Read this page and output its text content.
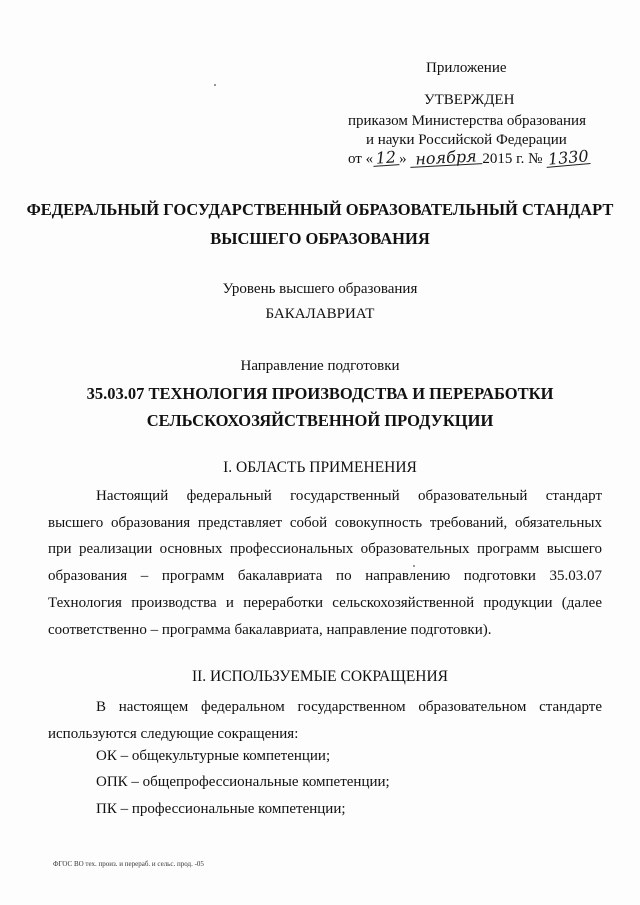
Приложение
УТВЕРЖДЕН
приказом Министерства образования
и науки Российской Федерации
от « 12 » ноября 2015 г. № 1330
ФЕДЕРАЛЬНЫЙ ГОСУДАРСТВЕННЫЙ ОБРАЗОВАТЕЛЬНЫЙ СТАНДАРТ
ВЫСШЕГО ОБРАЗОВАНИЯ
Уровень высшего образования
БАКАЛАВРИАТ
Направление подготовки
35.03.07 ТЕХНОЛОГИЯ ПРОИЗВОДСТВА И ПЕРЕРАБОТКИ
СЕЛЬСКОХОЗЯЙСТВЕННОЙ ПРОДУКЦИИ
I. ОБЛАСТЬ ПРИМЕНЕНИЯ
Настоящий федеральный государственный образовательный стандарт высшего образования представляет собой совокупность требований, обязательных при реализации основных профессиональных образовательных программ высшего образования – программ бакалавриата по направлению подготовки 35.03.07 Технология производства и переработки сельскохозяйственной продукции (далее соответственно – программа бакалавриата, направление подготовки).
II. ИСПОЛЬЗУЕМЫЕ СОКРАЩЕНИЯ
В настоящем федеральном государственном образовательном стандарте используются следующие сокращения:
ОК – общекультурные компетенции;
ОПК – общепрофессиональные компетенции;
ПК – профессиональные компетенции;
ФГОС ВО тех. произ. и перераб. и сельс. прод. -05
